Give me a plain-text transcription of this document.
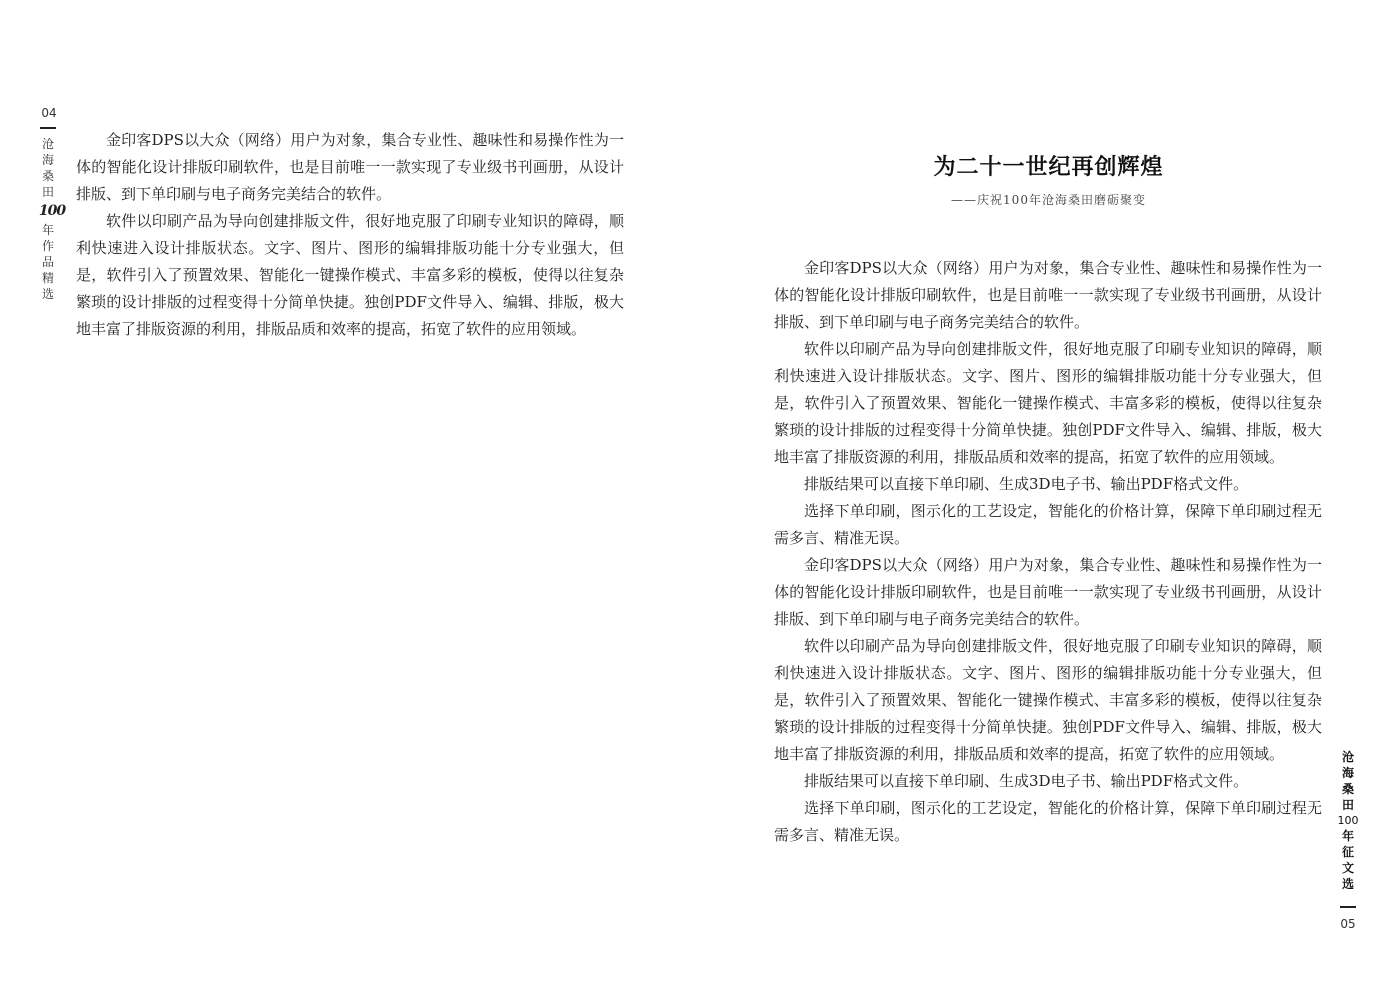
04
沧
海
桑
田
100
年
作
品
精
选

金印客DPS以大众（网络）用户为对象，集合专业性、趣味性和易操作性为一体的智能化设计排版印刷软件，也是目前唯一一款实现了专业级书刊画册，从设计排版、到下单印刷与电子商务完美结合的软件。

软件以印刷产品为导向创建排版文件，很好地克服了印刷专业知识的障碍，顺利快速进入设计排版状态。文字、图片、图形的编辑排版功能十分专业强大，但是，软件引入了预置效果、智能化一键操作模式、丰富多彩的模板，使得以往复杂繁琐的设计排版的过程变得十分简单快捷。独创PDF文件导入、编辑、排版，极大地丰富了排版资源的利用，排版品质和效率的提高，拓宽了软件的应用领域。

为二十一世纪再创辉煌
——庆祝100年沧海桑田磨砺聚变

金印客DPS以大众（网络）用户为对象，集合专业性、趣味性和易操作性为一体的智能化设计排版印刷软件，也是目前唯一一款实现了专业级书刊画册，从设计排版、到下单印刷与电子商务完美结合的软件。

软件以印刷产品为导向创建排版文件，很好地克服了印刷专业知识的障碍，顺利快速进入设计排版状态。文字、图片、图形的编辑排版功能十分专业强大，但是，软件引入了预置效果、智能化一键操作模式、丰富多彩的模板，使得以往复杂繁琐的设计排版的过程变得十分简单快捷。独创PDF文件导入、编辑、排版，极大地丰富了排版资源的利用，排版品质和效率的提高，拓宽了软件的应用领域。

排版结果可以直接下单印刷、生成3D电子书、输出PDF格式文件。

选择下单印刷，图示化的工艺设定，智能化的价格计算，保障下单印刷过程无需多言、精准无误。

金印客DPS以大众（网络）用户为对象，集合专业性、趣味性和易操作性为一体的智能化设计排版印刷软件，也是目前唯一一款实现了专业级书刊画册，从设计排版、到下单印刷与电子商务完美结合的软件。

软件以印刷产品为导向创建排版文件，很好地克服了印刷专业知识的障碍，顺利快速进入设计排版状态。文字、图片、图形的编辑排版功能十分专业强大，但是，软件引入了预置效果、智能化一键操作模式、丰富多彩的模板，使得以往复杂繁琐的设计排版的过程变得十分简单快捷。独创PDF文件导入、编辑、排版，极大地丰富了排版资源的利用，排版品质和效率的提高，拓宽了软件的应用领域。

排版结果可以直接下单印刷、生成3D电子书、输出PDF格式文件。

选择下单印刷，图示化的工艺设定，智能化的价格计算，保障下单印刷过程无需多言、精准无误。

沧
海
桑
田
100
年
征
文
选
05
